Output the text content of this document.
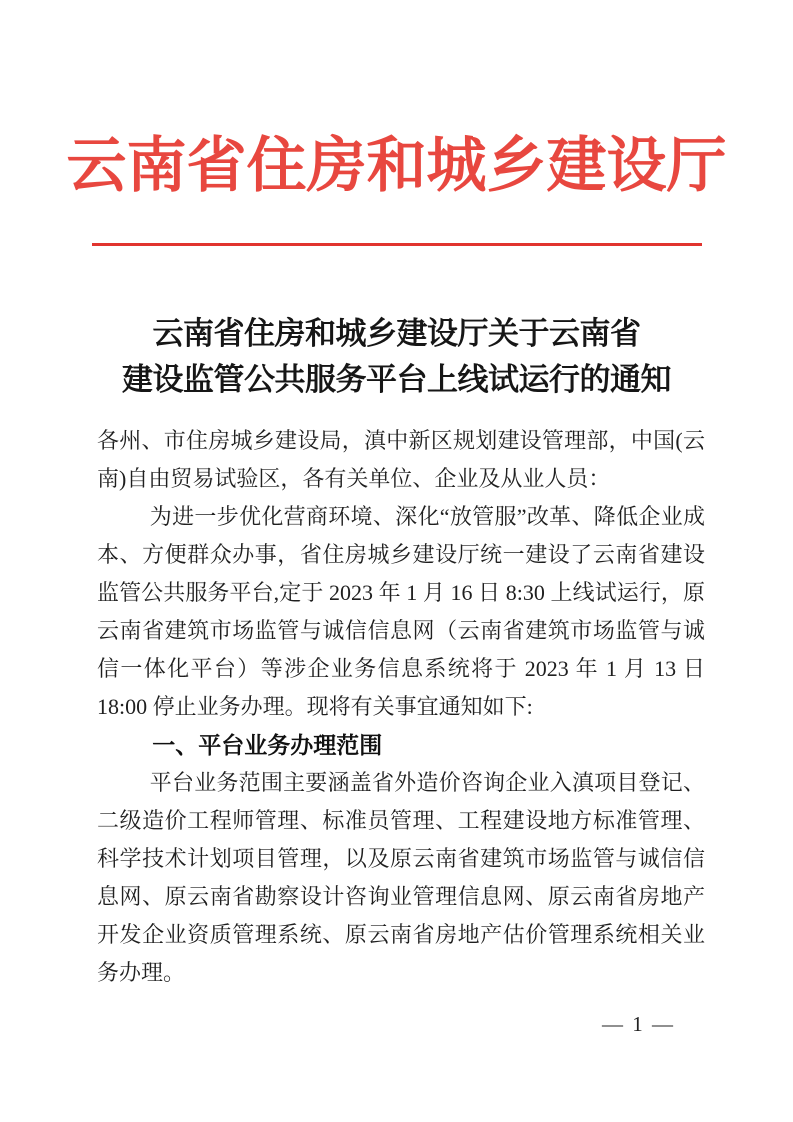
云南省住房和城乡建设厅
云南省住房和城乡建设厅关于云南省
建设监管公共服务平台上线试运行的通知

各州、市住房城乡建设局，滇中新区规划建设管理部，中国(云南)自由贸易试验区，各有关单位、企业及从业人员：

为进一步优化营商环境、深化“放管服”改革、降低企业成本、方便群众办事，省住房城乡建设厅统一建设了云南省建设监管公共服务平台,定于 2023 年 1 月 16 日 8:30 上线试运行，原云南省建筑市场监管与诚信信息网（云南省建筑市场监管与诚信一体化平台）等涉企业务信息系统将于 2023 年 1 月 13 日 18:00 停止业务办理。现将有关事宜通知如下:

一、平台业务办理范围

平台业务范围主要涵盖省外造价咨询企业入滇项目登记、二级造价工程师管理、标准员管理、工程建设地方标准管理、科学技术计划项目管理，以及原云南省建筑市场监管与诚信信息网、原云南省勘察设计咨询业管理信息网、原云南省房地产开发企业资质管理系统、原云南省房地产估价管理系统相关业务办理。

— 1 —
